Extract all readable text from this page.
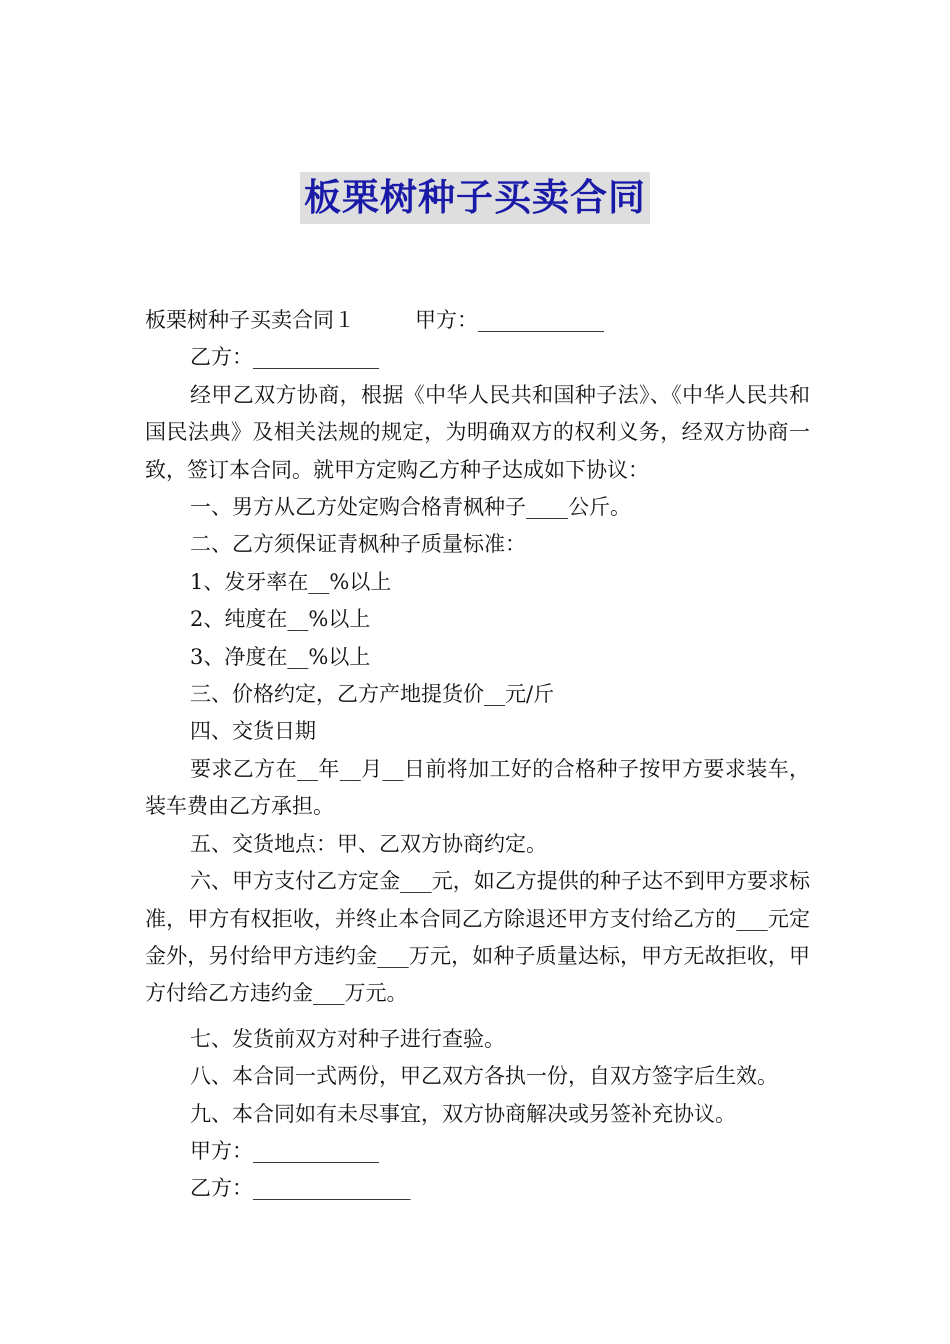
板栗树种子买卖合同

板栗树种子买卖合同１	甲方：____________

乙方：____________

经甲乙双方协商，根据《中华人民共和国种子法》、《中华人民共和国民法典》及相关法规的规定，为明确双方的权利义务，经双方协商一致，签订本合同。就甲方定购乙方种子达成如下协议：

一、男方从乙方处定购合格青枫种子____公斤。

二、乙方须保证青枫种子质量标准：

1、发牙率在__%以上

2、纯度在__%以上

3、净度在__%以上

三、价格约定，乙方产地提货价__元/斤

四、交货日期

要求乙方在__年__月__日前将加工好的合格种子按甲方要求装车，装车费由乙方承担。

五、交货地点：甲、乙双方协商约定。

六、甲方支付乙方定金___元，如乙方提供的种子达不到甲方要求标准，甲方有权拒收，并终止本合同乙方除退还甲方支付给乙方的___元定金外，另付给甲方违约金___万元，如种子质量达标，甲方无故拒收，甲方付给乙方违约金___万元。

七、发货前双方对种子进行查验。

八、本合同一式两份，甲乙双方各执一份，自双方签字后生效。

九、本合同如有未尽事宜，双方协商解决或另签补充协议。

甲方：____________

乙方：_______________
